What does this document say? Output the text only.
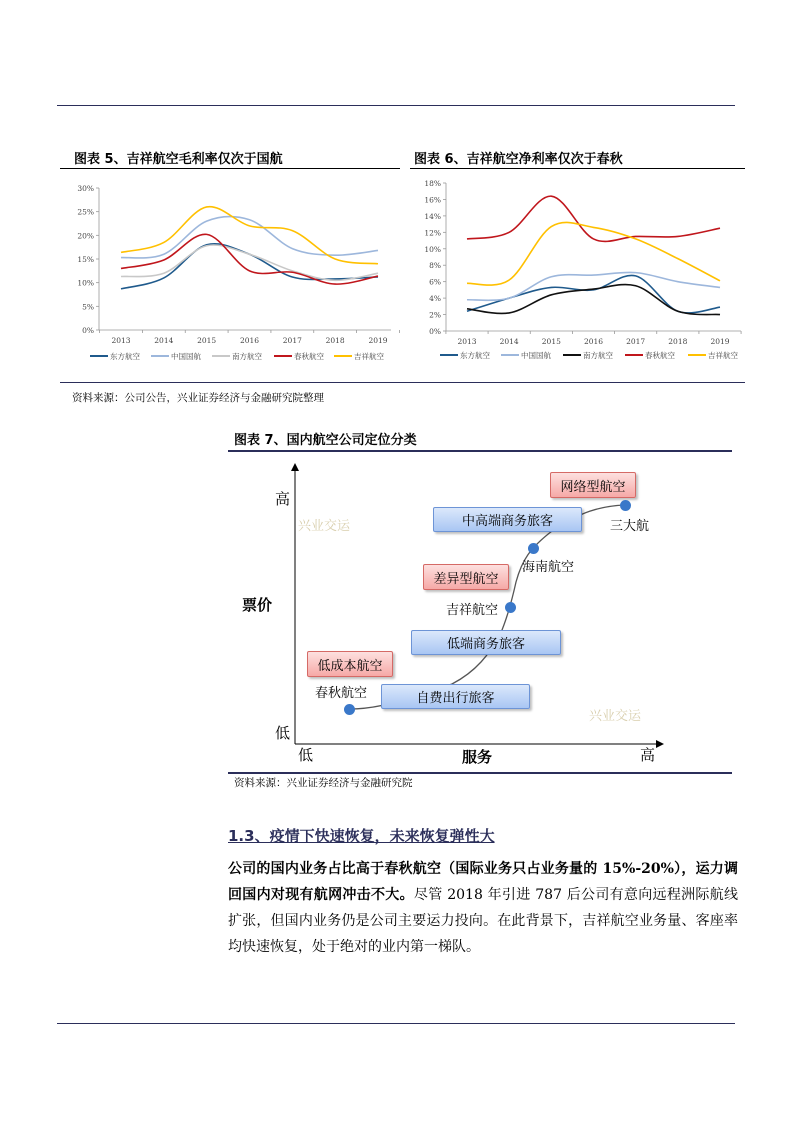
图表 5、吉祥航空毛利率仅次于国航
0%
5%
10%
15%
20%
25%
30%
2013	2014	2015	2016	2017	2018	2019
东方航空	中国国航	南方航空	春秋航空	吉祥航空
图表 6、吉祥航空净利率仅次于春秋
0%
2%
4%
6%
8%
10%
12%
14%
16%
18%
2013	2014	2015	2016	2017	2018	2019
东方航空	中国国航	南方航空	春秋航空	吉祥航空
资料来源：公司公告，兴业证券经济与金融研究院整理
图表 7、国内航空公司定位分类
高
低
票价
低	服务	高
兴业交运
兴业交运
网络型航空
中高端商务旅客
差异型航空
低端商务旅客
低成本航空
自费出行旅客
三大航
海南航空
吉祥航空
春秋航空
资料来源：兴业证券经济与金融研究院
1.3、疫情下快速恢复，未来恢复弹性大
公司的国内业务占比高于春秋航空（国际业务只占业务量的 15%-20%），运力调回国内对现有航网冲击不大。尽管 2018 年引进 787 后公司有意向远程洲际航线扩张，但国内业务仍是公司主要运力投向。在此背景下，吉祥航空业务量、客座率均快速恢复，处于绝对的业内第一梯队。
